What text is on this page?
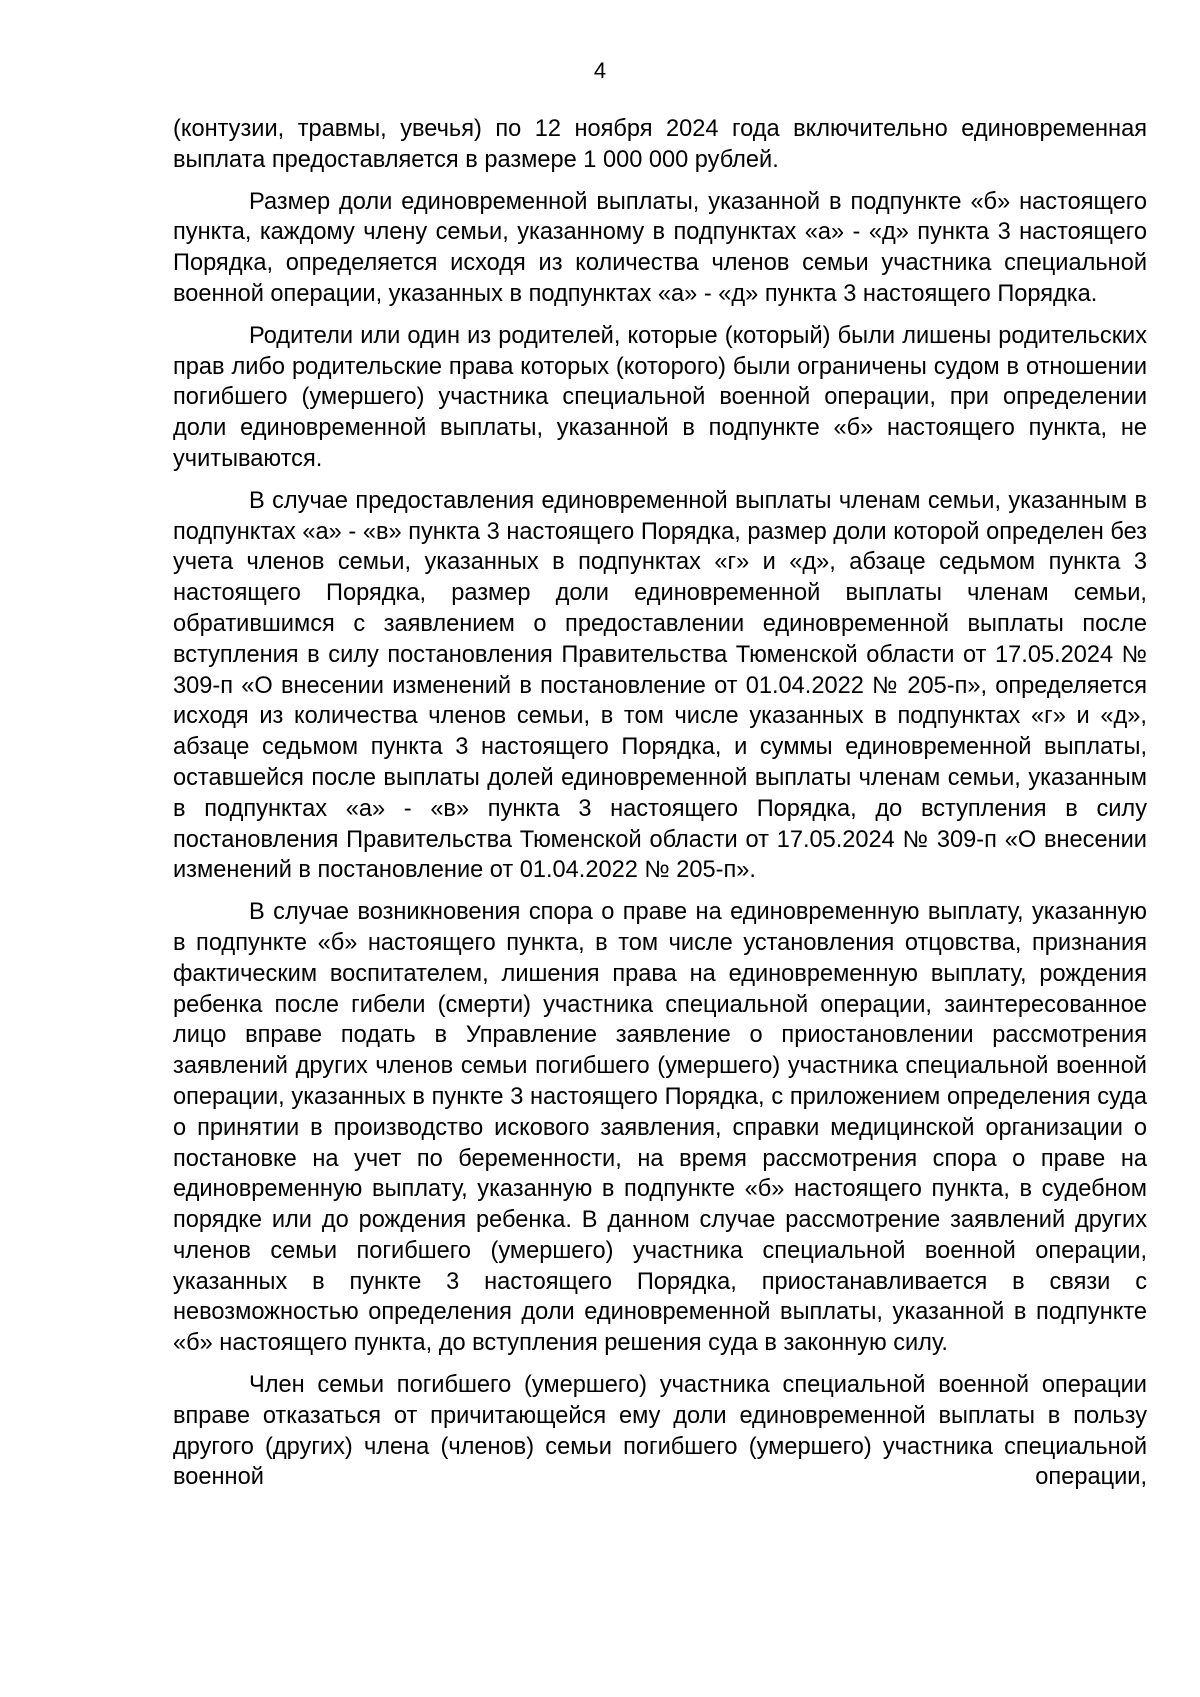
4

(контузии, травмы, увечья) по 12 ноября 2024 года включительно единовременная выплата предоставляется в размере 1 000 000 рублей.

Размер доли единовременной выплаты, указанной в подпункте «б» настоящего пункта, каждому члену семьи, указанному в подпунктах «а» - «д» пункта 3 настоящего Порядка, определяется исходя из количества членов семьи участника специальной военной операции, указанных в подпунктах «а» - «д» пункта 3 настоящего Порядка.

Родители или один из родителей, которые (который) были лишены родительских прав либо родительские права которых (которого) были ограничены судом в отношении погибшего (умершего) участника специальной военной операции, при определении доли единовременной выплаты, указанной в подпункте «б» настоящего пункта, не учитываются.

В случае предоставления единовременной выплаты членам семьи, указанным в подпунктах «а» - «в» пункта 3 настоящего Порядка, размер доли которой определен без учета членов семьи, указанных в подпунктах «г» и «д», абзаце седьмом пункта 3 настоящего Порядка, размер доли единовременной выплаты членам семьи, обратившимся с заявлением о предоставлении единовременной выплаты после вступления в силу постановления Правительства Тюменской области от 17.05.2024 № 309-п «О внесении изменений в постановление от 01.04.2022 № 205-п», определяется исходя из количества членов семьи, в том числе указанных в подпунктах «г» и «д», абзаце седьмом пункта 3 настоящего Порядка, и суммы единовременной выплаты, оставшейся после выплаты долей единовременной выплаты членам семьи, указанным в подпунктах «а» - «в» пункта 3 настоящего Порядка, до вступления в силу постановления Правительства Тюменской области от 17.05.2024 № 309-п «О внесении изменений в постановление от 01.04.2022 № 205-п».

В случае возникновения спора о праве на единовременную выплату, указанную в подпункте «б» настоящего пункта, в том числе установления отцовства, признания фактическим воспитателем, лишения права на единовременную выплату, рождения ребенка после гибели (смерти) участника специальной операции, заинтересованное лицо вправе подать в Управление заявление о приостановлении рассмотрения заявлений других членов семьи погибшего (умершего) участника специальной военной операции, указанных в пункте 3 настоящего Порядка, с приложением определения суда о принятии в производство искового заявления, справки медицинской организации о постановке на учет по беременности, на время рассмотрения спора о праве на единовременную выплату, указанную в подпункте «б» настоящего пункта, в судебном порядке или до рождения ребенка. В данном случае рассмотрение заявлений других членов семьи погибшего (умершего) участника специальной военной операции, указанных в пункте 3 настоящего Порядка, приостанавливается в связи с невозможностью определения доли единовременной выплаты, указанной в подпункте «б» настоящего пункта, до вступления решения суда в законную силу.

Член семьи погибшего (умершего) участника специальной военной операции вправе отказаться от причитающейся ему доли единовременной выплаты в пользу другого (других) члена (членов) семьи погибшего (умершего) участника специальной военной операции,
